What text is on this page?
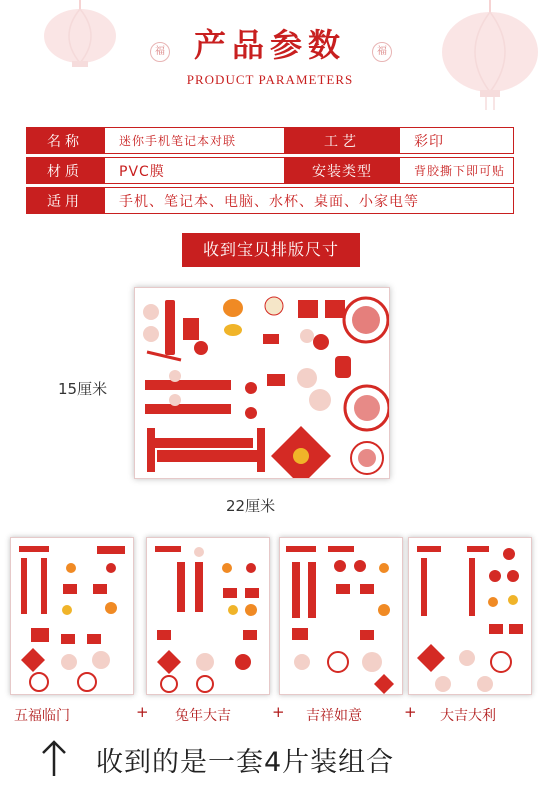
福	福
产品参数
PRODUCT PARAMETERS
名称	迷你手机笔记本对联	工艺	彩印
材质	PVC膜	安装类型	背胶撕下即可贴
适用	手机、笔记本、电脑、水杯、桌面、小家电等		
收到宝贝排版尺寸
15厘米
22厘米
五福临门	+ 兔年大吉	+ 吉祥如意	+ 大吉大利
收到的是一套4片装组合
